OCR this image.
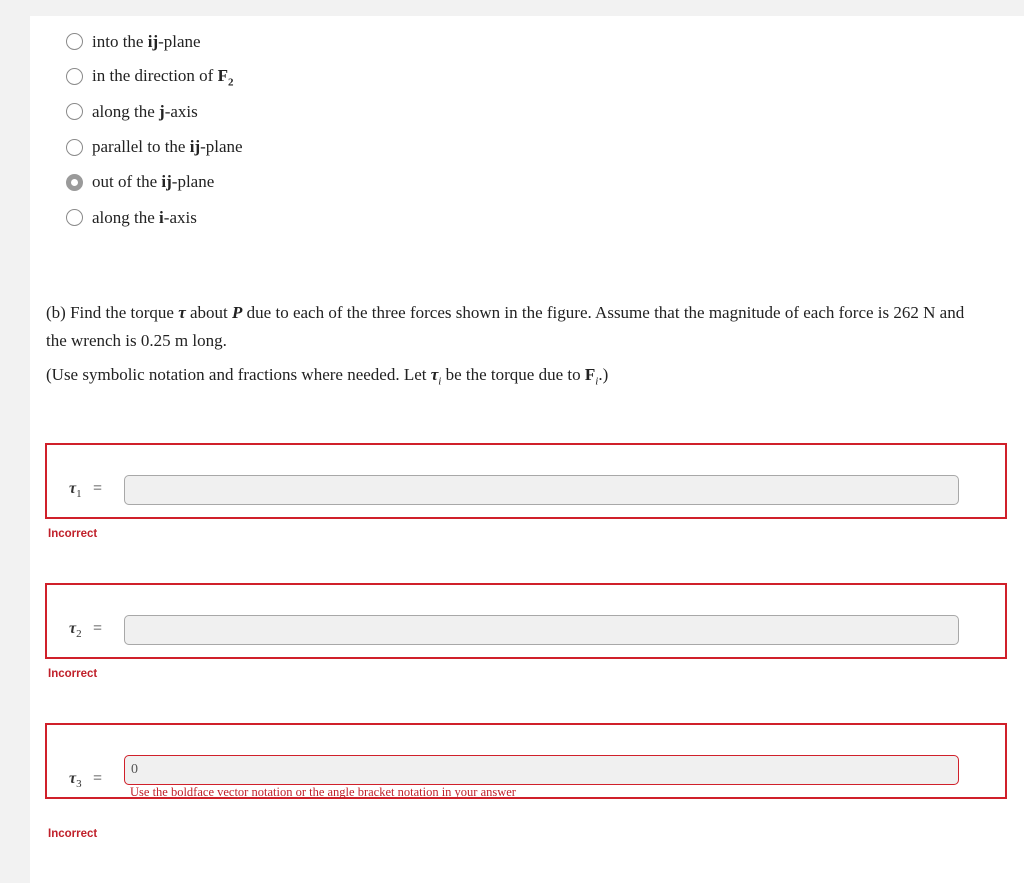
into the ij-plane
in the direction of $F_2$
along the j-axis
parallel to the ij-plane
out of the ij-plane
along the i-axis
(b) Find the torque τ about P due to each of the three forces shown in the figure. Assume that the magnitude of each force is 262 N and the wrench is 0.25 m long.
(Use symbolic notation and fractions where needed. Let $\tau_i$ be the torque due to $F_i$.)
$\tau_1$ =
Incorrect
$\tau_2$ =
Incorrect
$\tau_3$ =
0
Use the boldface vector notation or the angle bracket notation in your answer
Incorrect
